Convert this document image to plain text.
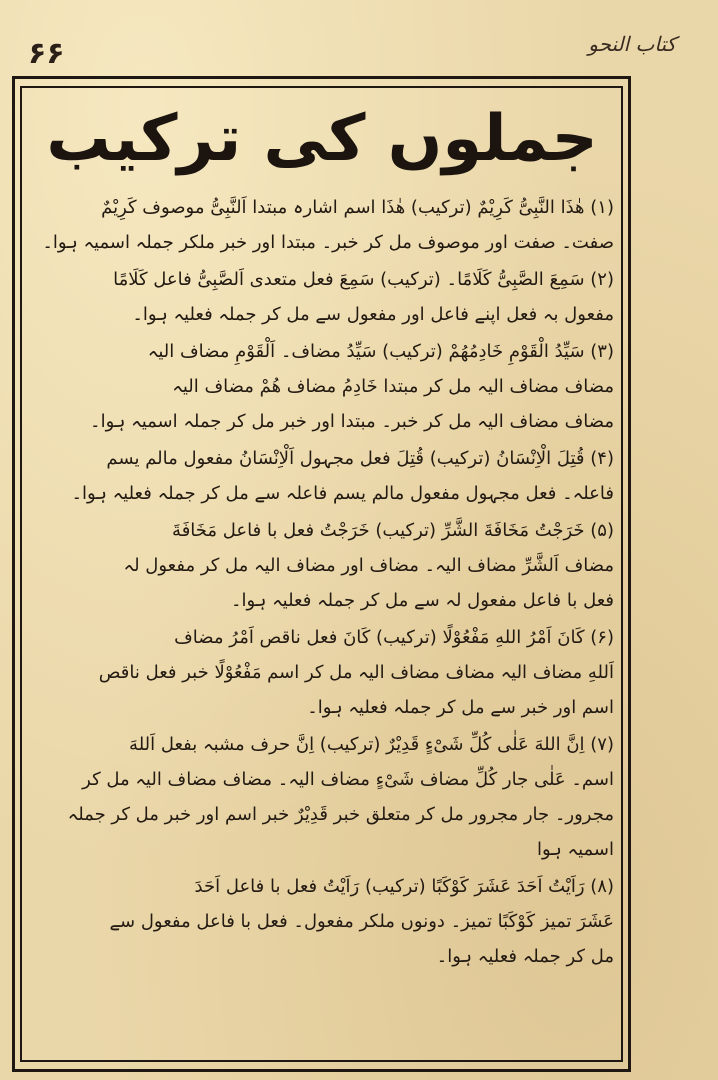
۶۶	کتاب النحو
جملوں کی ترکیب
(۱) هٰذَا النَّبِیُّ کَرِیْمٌ (ترکیب) هٰذَا اسم اشارہ مبتدا اَلنَّبِیُّ موصوف کَرِیْمٌ
صفت۔ صفت اور موصوف مل کر خبر۔ مبتدا اور خبر ملکر جملہ اسمیہ ہوا۔
(۲) سَمِعَ الصَّبِیُّ کَلَامًا۔ (ترکیب) سَمِعَ فعل متعدی اَلصَّبِیُّ فاعل کَلَامًا
مفعول بہ فعل اپنے فاعل اور مفعول سے مل کر جملہ فعلیہ ہوا۔
(۳) سَیِّدُ الْقَوْمِ خَادِمُهُمْ (ترکیب) سَیِّدُ مضاف۔ اَلْقَوْمِ مضاف الیہ
مضاف مضاف الیہ مل کر مبتدا خَادِمُ مضاف هُمْ مضاف الیہ
مضاف مضاف الیہ مل کر خبر۔ مبتدا اور خبر مل کر جملہ اسمیہ ہوا۔
(۴) قُتِلَ الْاِنْسَانُ (ترکیب) قُتِلَ فعل مجہول اَلْاِنْسَانُ مفعول مالم یسم
فاعلہ۔ فعل مجہول مفعول مالم یسم فاعلہ سے مل کر جملہ فعلیہ ہوا۔
(۵) خَرَجْتُ مَخَافَةَ الشَّرِّ (ترکیب) خَرَجْتُ فعل با فاعل مَخَافَةَ
مضاف اَلشَّرِّ مضاف الیہ۔ مضاف اور مضاف الیہ مل کر مفعول لہ
فعل با فاعل مفعول لہ سے مل کر جملہ فعلیہ ہوا۔
(۶) کَانَ اَمْرُ اللهِ مَفْعُوْلًا (ترکیب) کَانَ فعل ناقص اَمْرُ مضاف
اَللهِ مضاف الیہ مضاف مضاف الیہ مل کر اسم مَفْعُوْلًا خبر فعل ناقص
اسم اور خبر سے مل کر جملہ فعلیہ ہوا۔
(۷) اِنَّ اللهَ عَلٰی کُلِّ شَیْءٍ قَدِیْرٌ (ترکیب) اِنَّ حرف مشبہ بفعل اَللهَ
اسم۔ عَلٰی جار کُلِّ مضاف شَیْءٍ مضاف الیہ۔ مضاف مضاف الیہ مل کر
مجرور۔ جار مجرور مل کر متعلق خبر قَدِیْرٌ خبر اسم اور خبر مل کر جملہ اسمیہ ہوا
(۸) رَاَیْتُ اَحَدَ عَشَرَ کَوْکَبًا (ترکیب) رَاَیْتُ فعل با فاعل اَحَدَ
عَشَرَ تمیز کَوْکَبًا تمیز۔ دونوں ملکر مفعول۔ فعل با فاعل مفعول سے
مل کر جملہ فعلیہ ہوا۔
